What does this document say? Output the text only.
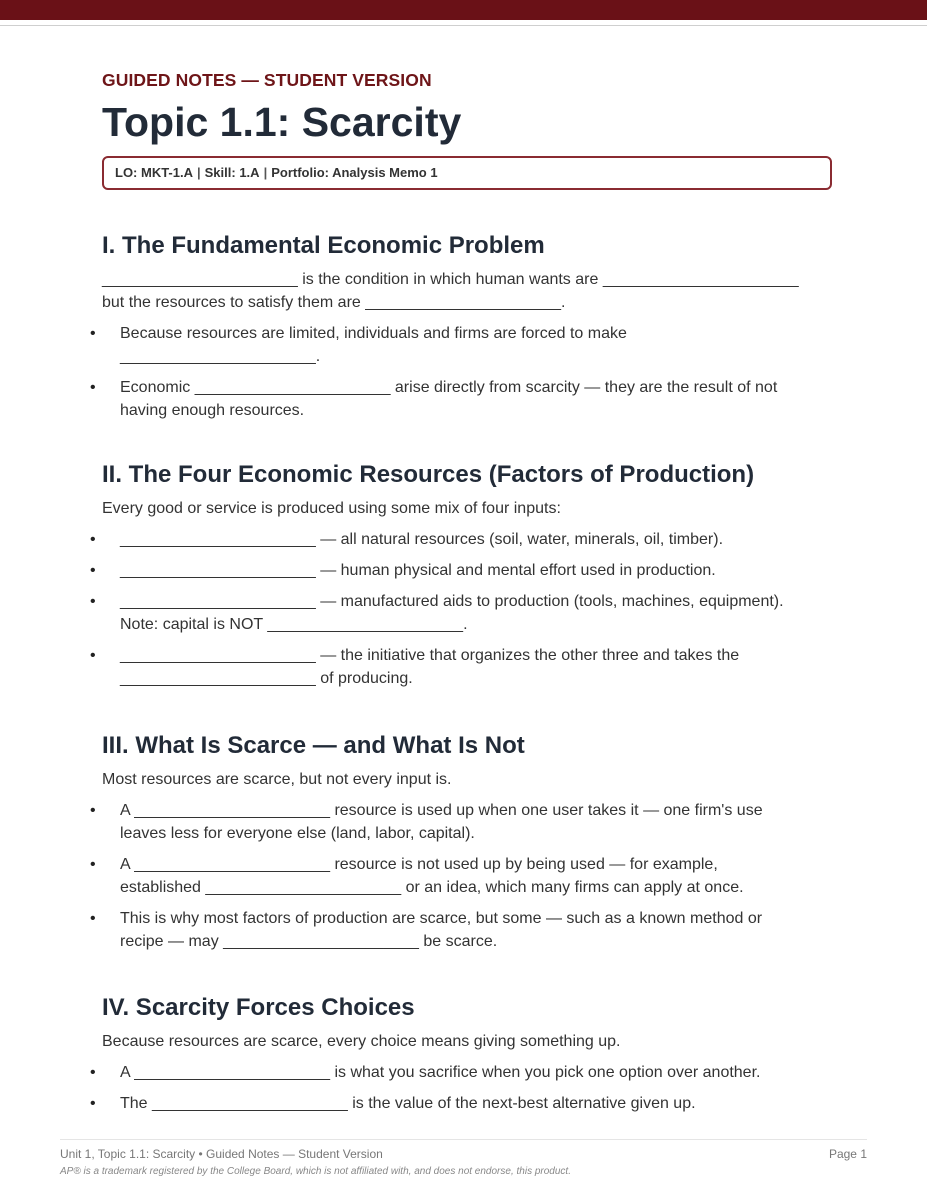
GUIDED NOTES — STUDENT VERSION

Topic 1.1: Scarcity
LO: MKT-1.A | Skill: 1.A | Portfolio: Analysis Memo 1
I. The Fundamental Economic Problem

______________________ is the condition in which human wants are ______________________

but the resources to satisfy them are ______________________.

• Because resources are limited, individuals and firms are forced to make
______________________.
• Economic ______________________ arise directly from scarcity — they are the result of not
having enough resources.
II. The Four Economic Resources (Factors of Production)

Every good or service is produced using some mix of four inputs:

• ______________________ — all natural resources (soil, water, minerals, oil, timber).
• ______________________ — human physical and mental effort used in production.
• ______________________ — manufactured aids to production (tools, machines, equipment).
Note: capital is NOT ______________________.
• ______________________ — the initiative that organizes the other three and takes the
______________________ of producing.
III. What Is Scarce — and What Is Not

Most resources are scarce, but not every input is.

• A ______________________ resource is used up when one user takes it — one firm's use
leaves less for everyone else (land, labor, capital).
• A ______________________ resource is not used up by being used — for example,
established ______________________ or an idea, which many firms can apply at once.
• This is why most factors of production are scarce, but some — such as a known method or
recipe — may ______________________ be scarce.
IV. Scarcity Forces Choices

Because resources are scarce, every choice means giving something up.

• A ______________________ is what you sacrifice when you pick one option over another.
• The ______________________ is the value of the next-best alternative given up.
Unit 1, Topic 1.1: Scarcity • Guided Notes — Student Version	Page 1
AP® is a trademark registered by the College Board, which is not affiliated with, and does not endorse, this product.
